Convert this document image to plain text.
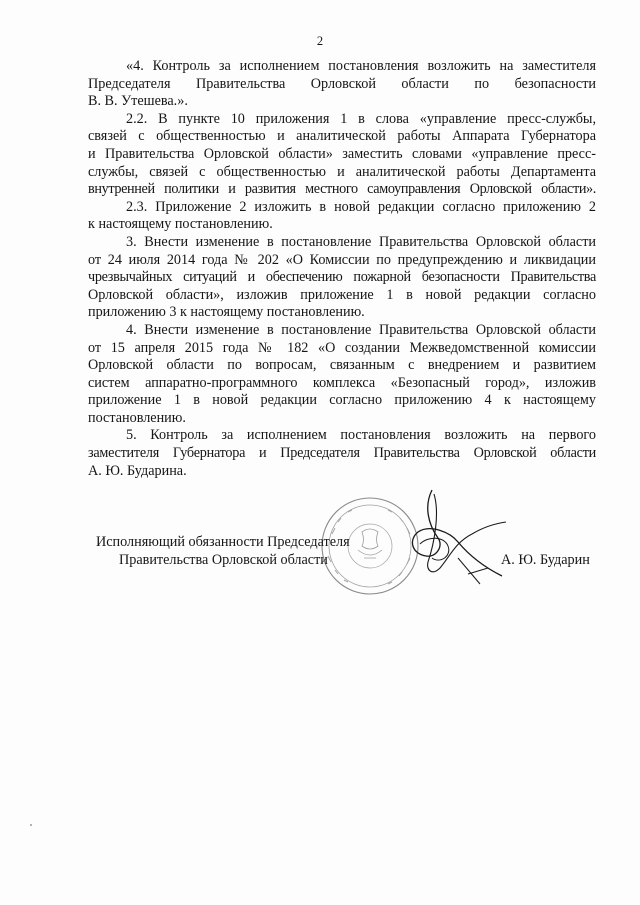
2
«4. Контроль за исполнением постановления возложить на заместителя
Председателя Правительства Орловской области по безопасности
В. В. Утешева.».
2.2. В пункте 10 приложения 1 в слова «управление пресс-службы,
связей с общественностью и аналитической работы Аппарата Губернатора
и Правительства Орловской области» заместить словами «управление пресс-
службы, связей с общественностью и аналитической работы Департамента
внутренней политики и развития местного самоуправления Орловской области».
2.3. Приложение 2 изложить в новой редакции согласно приложению 2
к настоящему постановлению.
3. Внести изменение в постановление Правительства Орловской области
от 24 июля 2014 года № 202 «О Комиссии по предупреждению и ликвидации
чрезвычайных ситуаций и обеспечению пожарной безопасности Правительства
Орловской области», изложив приложение 1 в новой редакции согласно
приложению 3 к настоящему постановлению.
4. Внести изменение в постановление Правительства Орловской области
от 15 апреля 2015 года № 182 «О создании Межведомственной комиссии
Орловской области по вопросам, связанным с внедрением и развитием
систем аппаратно-программного комплекса «Безопасный город», изложив
приложение 1 в новой редакции согласно приложению 4 к настоящему
постановлению.
5. Контроль за исполнением постановления возложить на первого
заместителя Губернатора и Председателя Правительства Орловской области
А. Ю. Бударина.
Исполняющий обязанности Председателя
Правительства Орловской области	А. Ю. Бударин
